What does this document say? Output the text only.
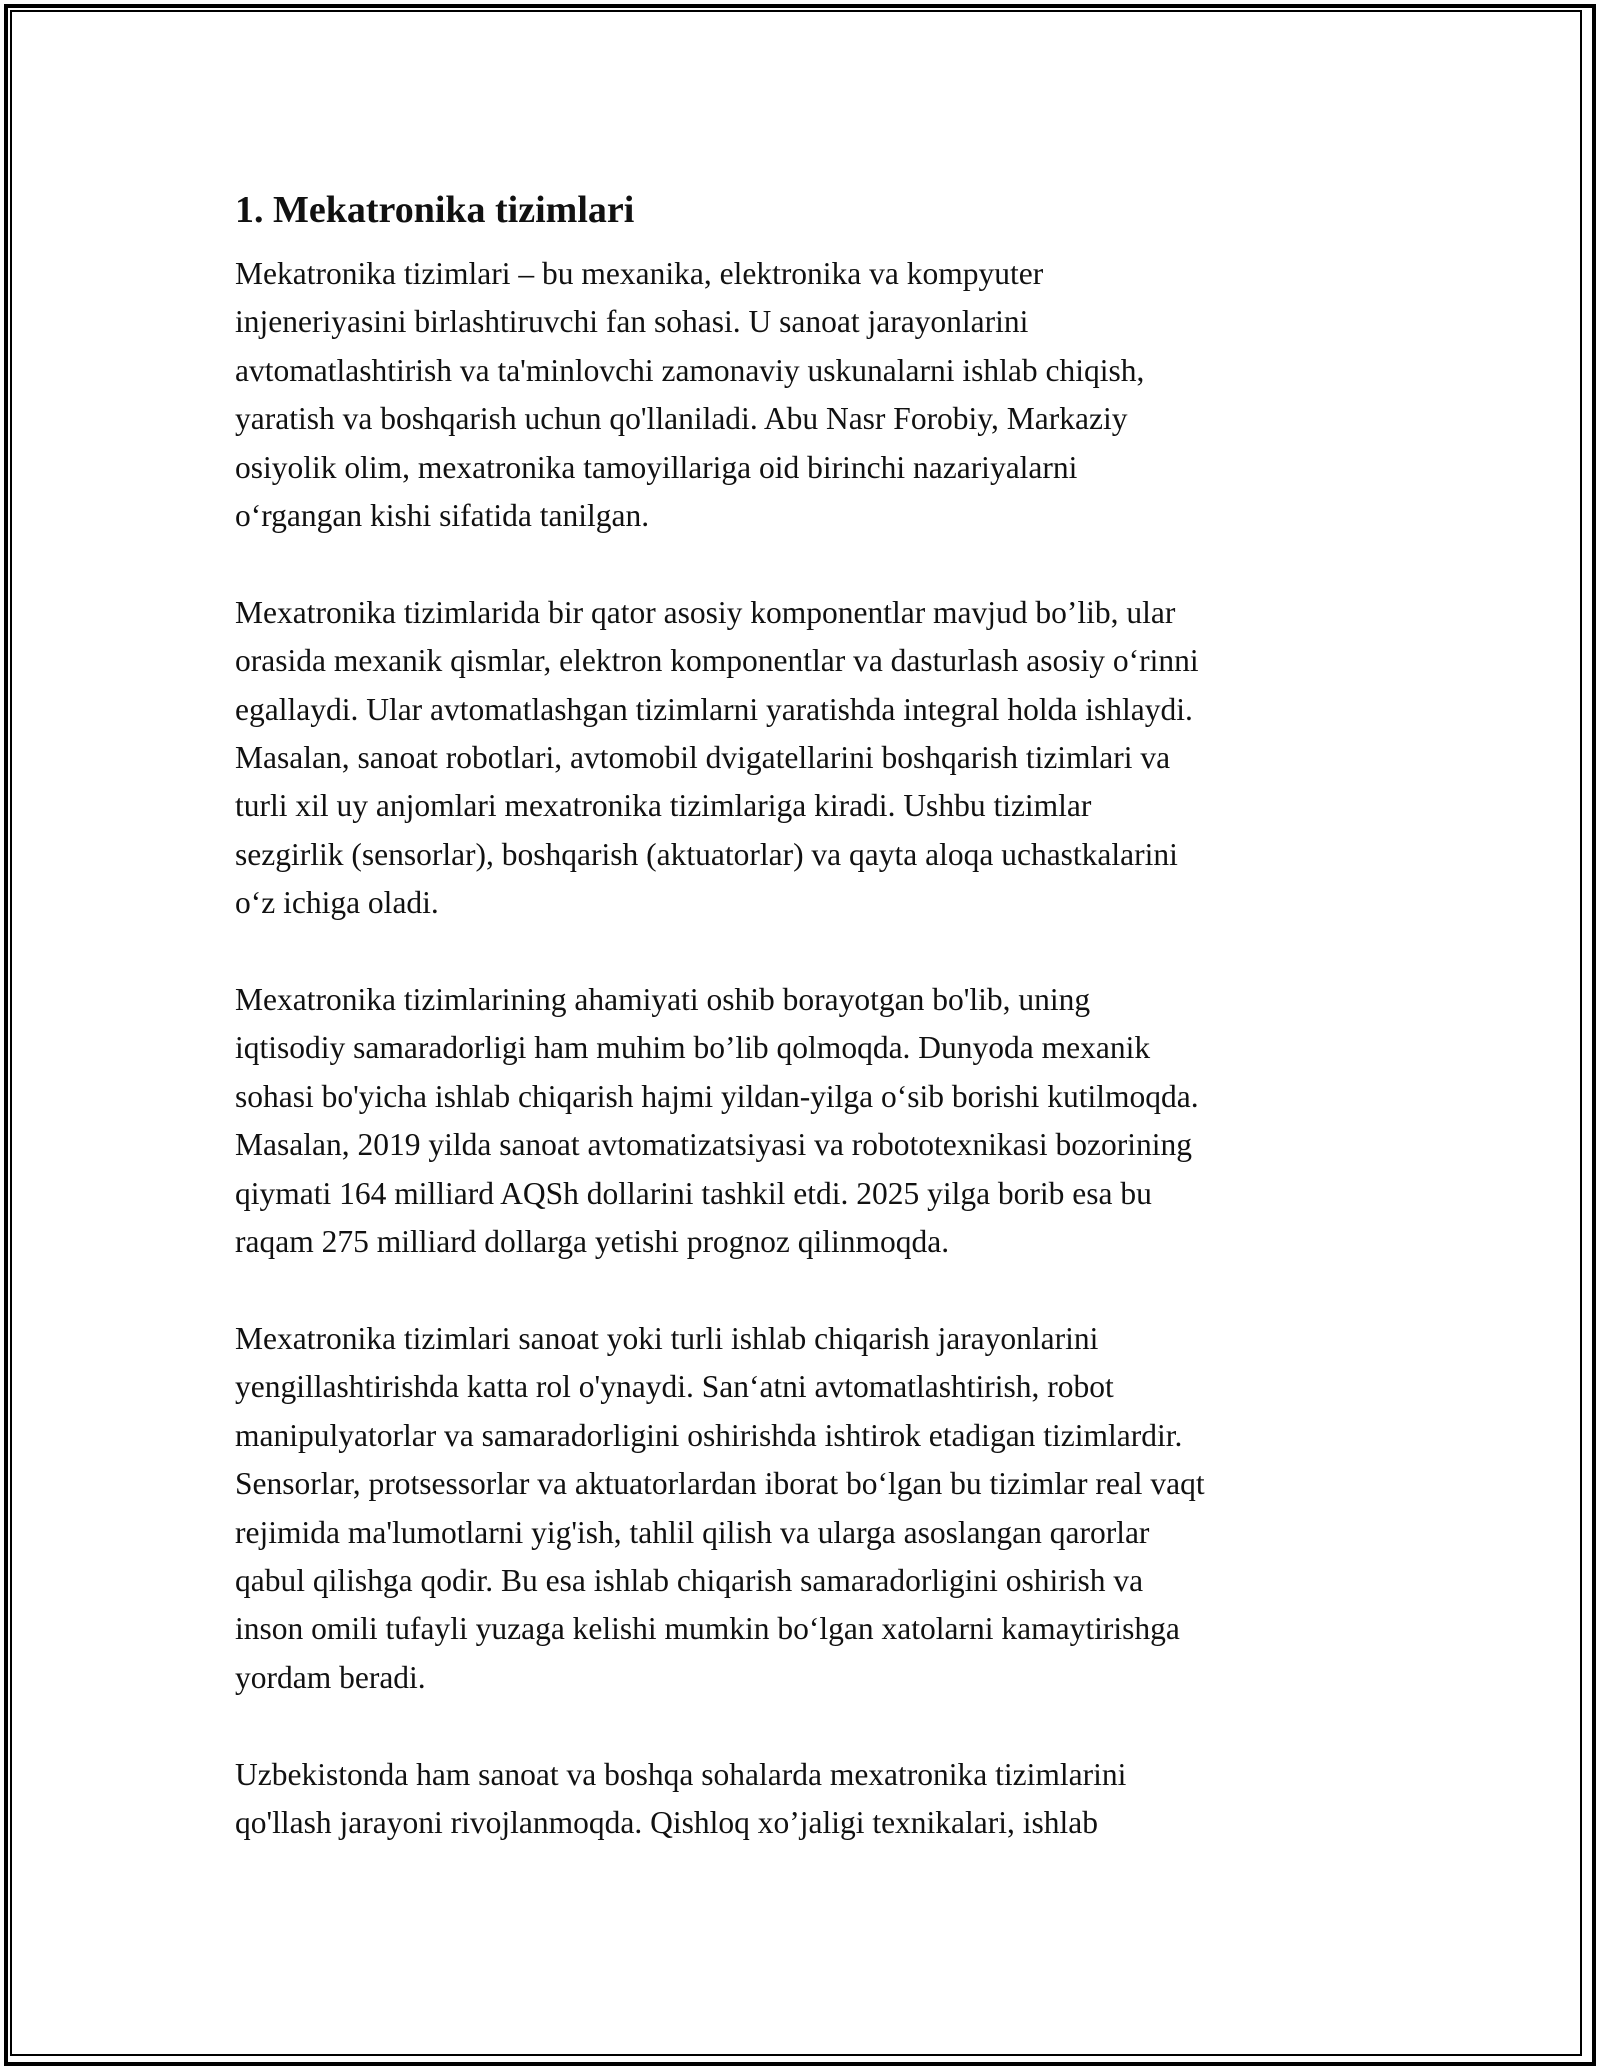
1. Mekatronika tizimlari
Mekatronika tizimlari – bu mexanika, elektronika va kompyuter
injeneriyasini birlashtiruvchi fan sohasi. U sanoat jarayonlarini
avtomatlashtirish va ta'minlovchi zamonaviy uskunalarni ishlab chiqish,
yaratish va boshqarish uchun qo'llaniladi. Abu Nasr Forobiy, Markaziy
osiyolik olim, mexatronika tamoyillariga oid birinchi nazariyalarni
o‘rgangan kishi sifatida tanilgan.
Mexatronika tizimlarida bir qator asosiy komponentlar mavjud bo’lib, ular
orasida mexanik qismlar, elektron komponentlar va dasturlash asosiy o‘rinni
egallaydi. Ular avtomatlashgan tizimlarni yaratishda integral holda ishlaydi.
Masalan, sanoat robotlari, avtomobil dvigatellarini boshqarish tizimlari va
turli xil uy anjomlari mexatronika tizimlariga kiradi. Ushbu tizimlar
sezgirlik (sensorlar), boshqarish (aktuatorlar) va qayta aloqa uchastkalarini
o‘z ichiga oladi.
Mexatronika tizimlarining ahamiyati oshib borayotgan bo'lib, uning
iqtisodiy samaradorligi ham muhim bo’lib qolmoqda. Dunyoda mexanik
sohasi bo'yicha ishlab chiqarish hajmi yildan-yilga o‘sib borishi kutilmoqda.
Masalan, 2019 yilda sanoat avtomatizatsiyasi va robototexnikasi bozorining
qiymati 164 milliard AQSh dollarini tashkil etdi. 2025 yilga borib esa bu
raqam 275 milliard dollarga yetishi prognoz qilinmoqda.
Mexatronika tizimlari sanoat yoki turli ishlab chiqarish jarayonlarini
yengillashtirishda katta rol o'ynaydi. San‘atni avtomatlashtirish, robot
manipulyatorlar va samaradorligini oshirishda ishtirok etadigan tizimlardir.
Sensorlar, protsessorlar va aktuatorlardan iborat bo‘lgan bu tizimlar real vaqt
rejimida ma'lumotlarni yig'ish, tahlil qilish va ularga asoslangan qarorlar
qabul qilishga qodir. Bu esa ishlab chiqarish samaradorligini oshirish va
inson omili tufayli yuzaga kelishi mumkin bo‘lgan xatolarni kamaytirishga
yordam beradi.
Uzbekistonda ham sanoat va boshqa sohalarda mexatronika tizimlarini
qo'llash jarayoni rivojlanmoqda. Qishloq xo’jaligi texnikalari, ishlab
